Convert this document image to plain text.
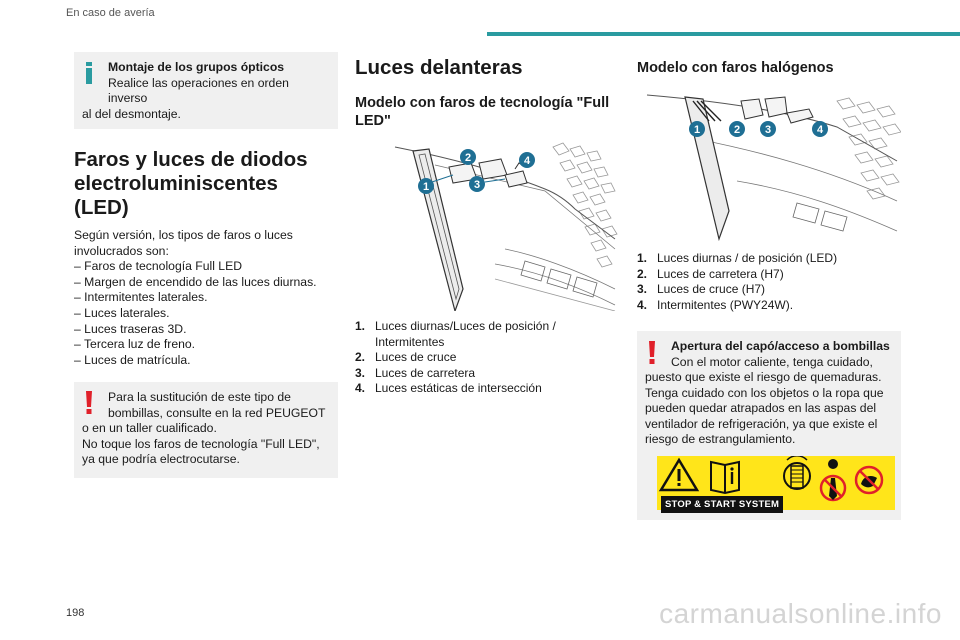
En caso de avería
Montaje de los grupos ópticos
Realice las operaciones en orden inverso
al del desmontaje.
Faros y luces de diodos
electroluminiscentes (LED)
Según versión, los tipos de faros o luces
involucrados son:
– Faros de tecnología Full LED
– Margen de encendido de las luces diurnas.
– Intermitentes laterales.
– Luces laterales.
– Luces traseras 3D.
– Tercera luz de freno.
– Luces de matrícula.
Para la sustitución de este tipo de
bombillas, consulte en la red PEUGEOT
o en un taller cualificado.
No toque los faros de tecnología "Full LED",
ya que podría electrocutarse.
Luces delanteras
Modelo con faros de tecnología "Full
LED"
1
2
3
4
1. Luces diurnas/Luces de posición /
Intermitentes
2. Luces de cruce
3. Luces de carretera
4. Luces estáticas de intersección
Modelo con faros halógenos
1	2 3	4
1. Luces diurnas / de posición (LED)
2. Luces de carretera (H7)
3. Luces de cruce (H7)
4. Intermitentes (PWY24W).
Apertura del capó/acceso a bombillas
Con el motor caliente, tenga cuidado,
puesto que existe el riesgo de quemaduras.
Tenga cuidado con los objetos o la ropa que
pueden quedar atrapados en las aspas del
ventilador de refrigeración, ya que existe el
riesgo de estrangulamiento.
STOP & START SYSTEM
198	carmanualsonline.info
